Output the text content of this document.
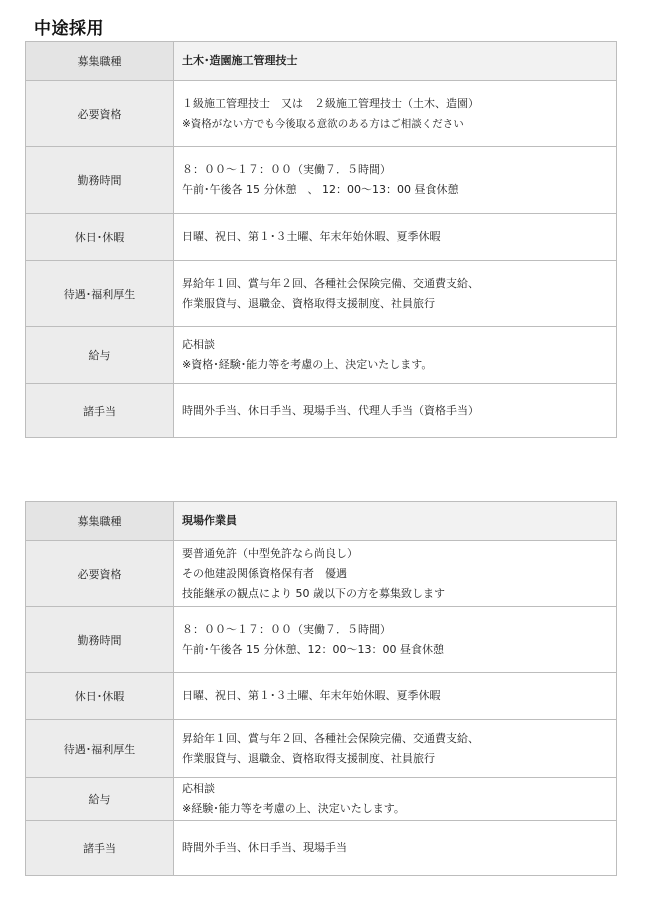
中途採用
募集職種	土木･造園施工管理技士

必要資格	１級施工管理技士　又は　２級施工管理技士（土木、造園）
※資格がない方でも今後取る意欲のある方はご相談ください

勤務時間	８：００～１７：００（実働７．５時間）
午前･午後各 15 分休憩　、 12：00～13：00 昼食休憩

休日･休暇	日曜、祝日、第１･３土曜、年末年始休暇、夏季休暇

待遇･福利厚生	昇給年１回、賞与年２回、各種社会保険完備、交通費支給、
作業服貸与、退職金、資格取得支援制度、社員旅行

給与	応相談
※資格･経験･能力等を考慮の上、決定いたします。

諸手当	時間外手当、休日手当、現場手当、代理人手当（資格手当）
募集職種	現場作業員

必要資格	要普通免許（中型免許なら尚良し）
その他建設関係資格保有者　優遇
技能継承の観点により 50 歳以下の方を募集致します

勤務時間	８：００～１７：００（実働７．５時間）
午前･午後各 15 分休憩、12：00～13：00 昼食休憩

休日･休暇	日曜、祝日、第１･３土曜、年末年始休暇、夏季休暇

待遇･福利厚生	昇給年１回、賞与年２回、各種社会保険完備、交通費支給、
作業服貸与、退職金、資格取得支援制度、社員旅行

給与	応相談
※経験･能力等を考慮の上、決定いたします。

諸手当	時間外手当、休日手当、現場手当
